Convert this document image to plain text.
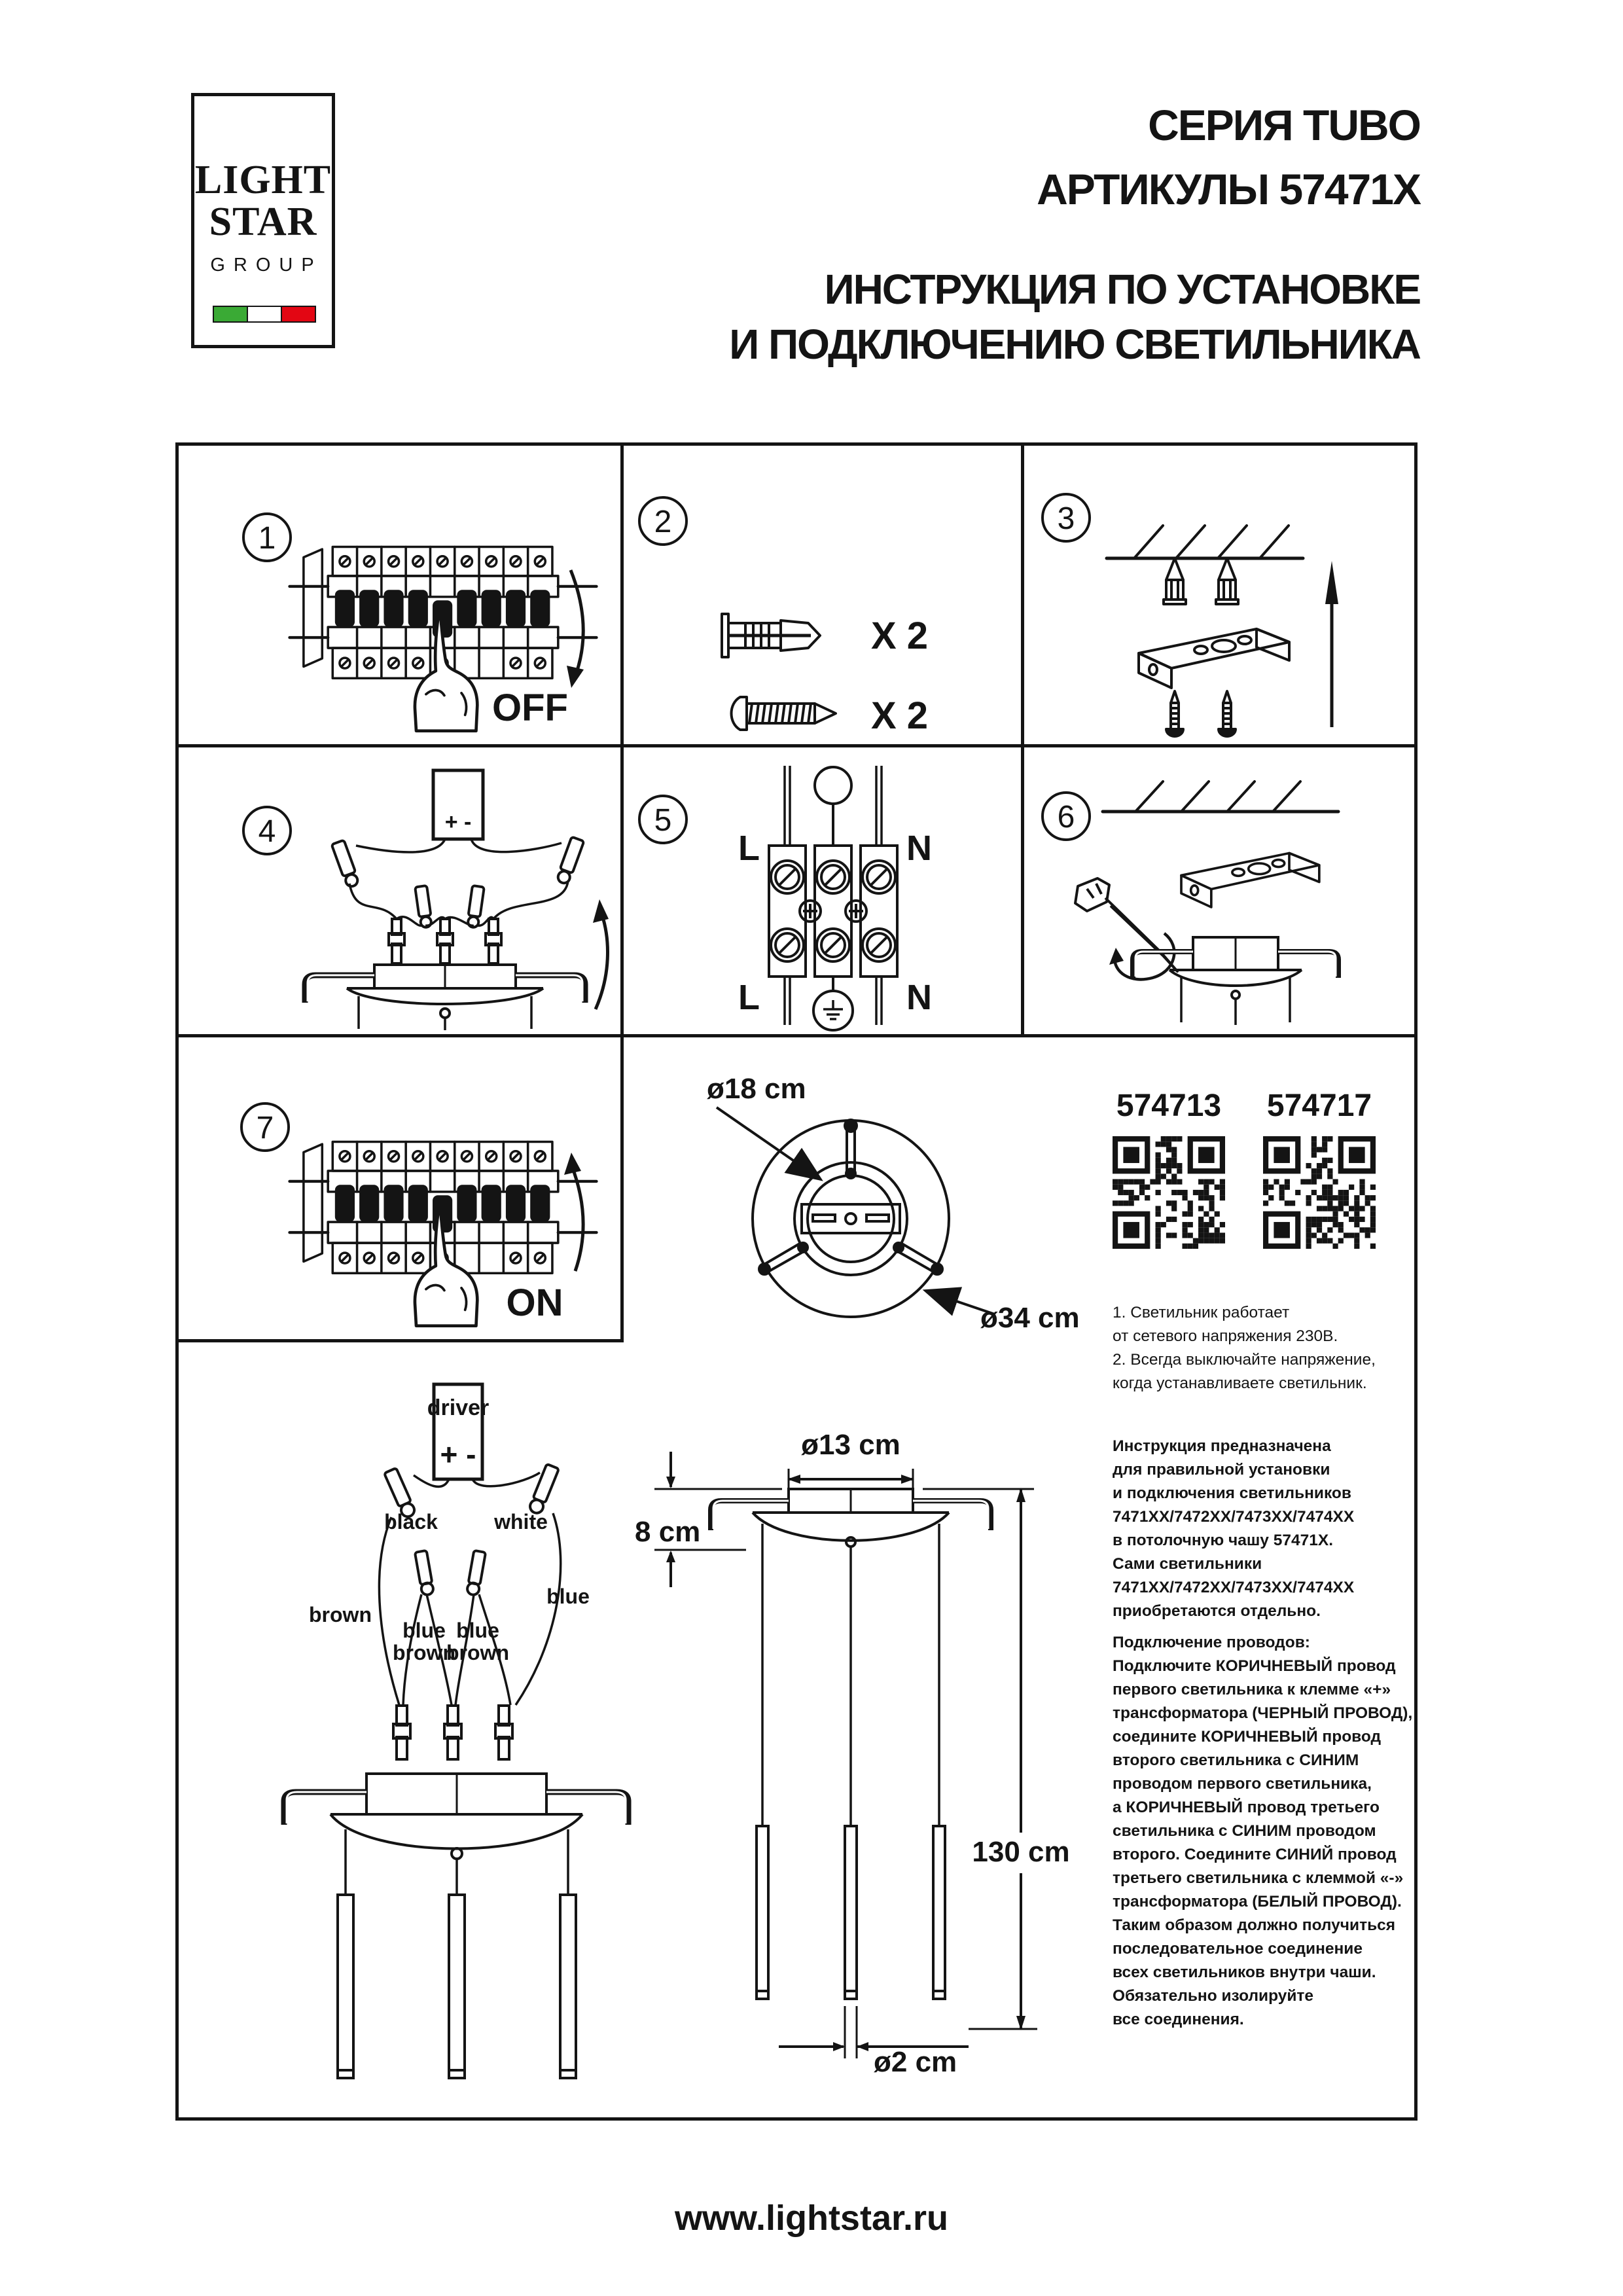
LIGHT
STAR
GROUP
СЕРИЯ TUBO
АРТИКУЛЫ 57471X
ИНСТРУКЦИЯ ПО УСТАНОВКЕ
И ПОДКЛЮЧЕНИЮ СВЕТИЛЬНИКА
1
OFF
2
X 2
X 2
3
4	+ -	5
L	N
L	N
6
7
ON
ø18 cm
ø34 cm
ø13 cm
8 cm
130 cm
ø2 cm
driver
+ -
black	white
brown
blue
blue
brown
blue
brown
574713 574717
1. Светильник работает
от сетевого напряжения 230В.
2. Всегда выключайте напряжение,
когда устанавливаете светильник.
Инструкция предназначена
для правильной установки
и подключения светильников
7471XX/7472XX/7473XX/7474XX
в потолочную чашу 57471X.
Сами светильники
7471XX/7472XX/7473XX/7474XX
приобретаются отдельно.
Подключение проводов:
Подключите КОРИЧНЕВЫЙ провод
первого светильника к клемме «+»
трансформатора (ЧЕРНЫЙ ПРОВОД),
соедините КОРИЧНЕВЫЙ провод
второго светильника с СИНИМ
проводом первого светильника,
а КОРИЧНЕВЫЙ провод третьего
светильника с СИНИМ проводом
второго. Соедините СИНИЙ провод
третьего светильника с клеммой «-»
трансформатора (БЕЛЫЙ ПРОВОД).
Таким образом должно получиться
последовательное соединение
всех светильников внутри чаши.
Обязательно изолируйте
все соединения.
www.lightstar.ru
